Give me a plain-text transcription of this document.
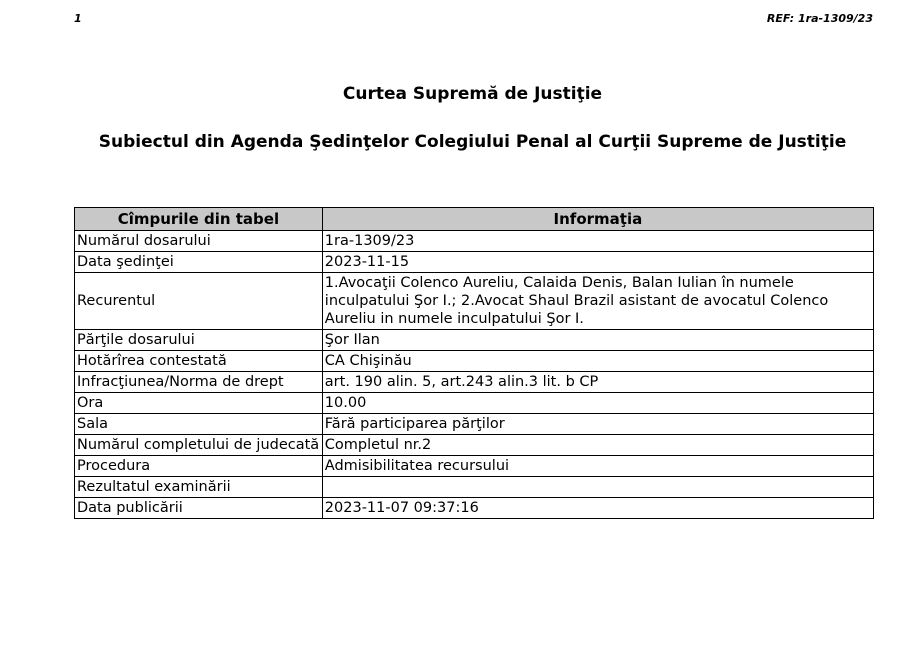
1	REF: 1ra-1309/23
Curtea Supremă de Justiţie
Subiectul din Agenda Şedinţelor Colegiului Penal al Curţii Supreme de Justiţie
Cîmpurile din tabel	Informaţia
Numărul dosarului	1ra-1309/23
Data şedinţei	2023-11-15
Recurentul	1.Avocaţii Colenco Aureliu, Calaida Denis, Balan Iulian în numele inculpatului Şor I.; 2.Avocat Shaul Brazil asistant de avocatul Colenco Aureliu in numele inculpatului Şor I.
Părţile dosarului	Şor Ilan
Hotărîrea contestată	CA Chişinău
Infracţiunea/Norma de drept	art. 190 alin. 5, art.243 alin.3 lit. b CP
Ora	10.00
Sala	Fără participarea părţilor
Numărul completului de judecată	Completul nr.2
Procedura	Admisibilitatea recursului
Rezultatul examinării	
Data publicării	2023-11-07 09:37:16
